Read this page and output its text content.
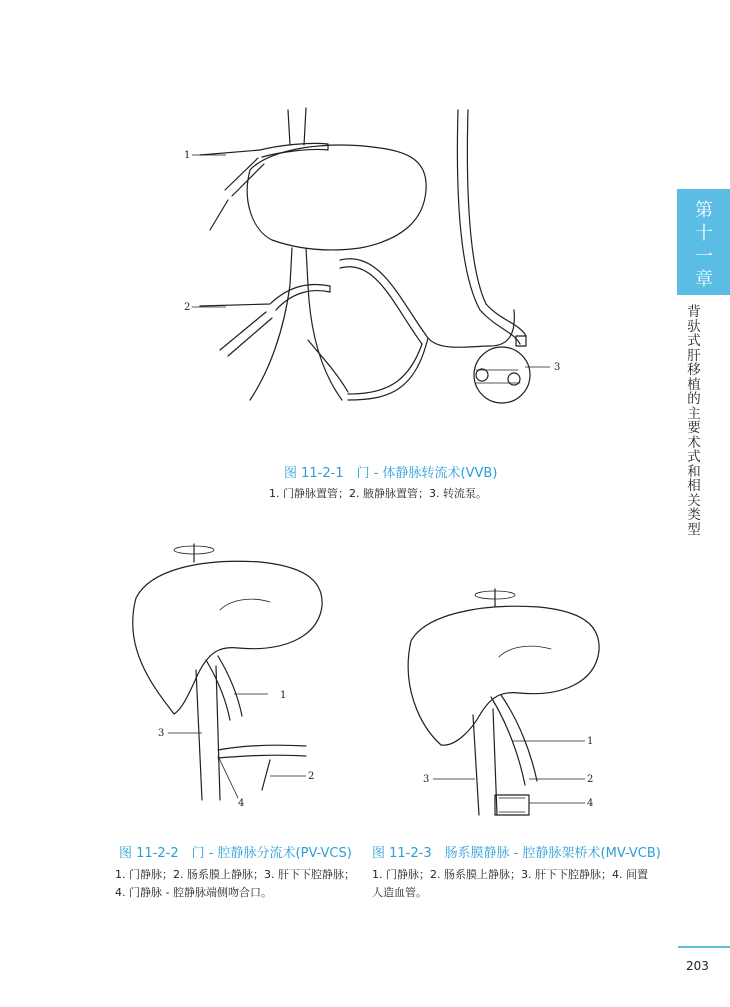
第十一章
背驮式肝移植的主要术式和相关类型
1
2
3
图 11-2-1　门 - 体静脉转流术(VVB)
1. 门静脉置管；2. 腋静脉置管；3. 转流泵。
1
2
3
4
图 11-2-2　门 - 腔静脉分流术(PV-VCS)
1. 门静脉；2. 肠系膜上静脉；3. 肝下下腔静脉；
4. 门静脉 - 腔静脉端侧吻合口。
1
2
3
4
图 11-2-3　肠系膜静脉 - 腔静脉架桥术(MV-VCB)
1. 门静脉；2. 肠系膜上静脉；3. 肝下下腔静脉；4. 间置
人造血管。
203
